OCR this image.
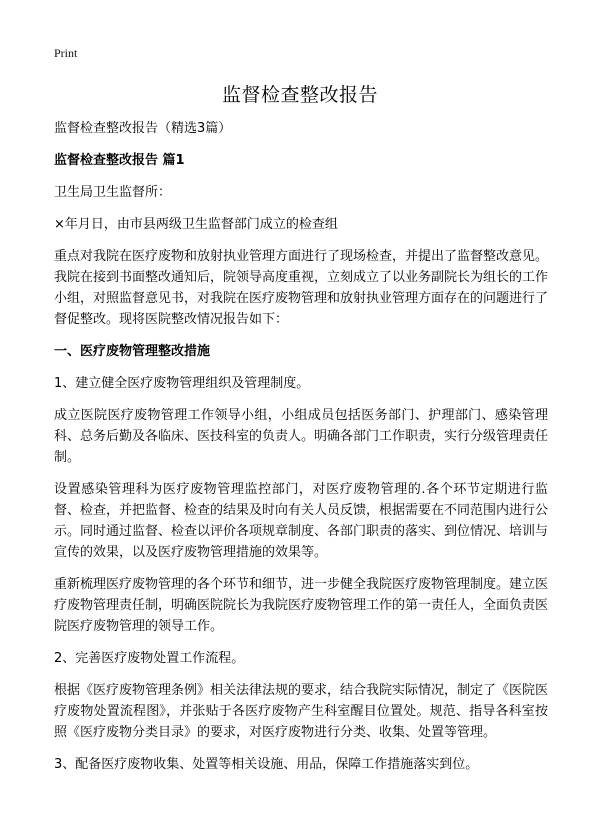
Print
监督检查整改报告

监督检查整改报告（精选3篇）

监督检查整改报告 篇1

卫生局卫生监督所：

×年月日，由市县两级卫生监督部门成立的检查组

重点对我院在医疗废物和放射执业管理方面进行了现场检查，并提出了监督整改意见。我院在接到书面整改通知后，院领导高度重视，立刻成立了以业务副院长为组长的工作小组，对照监督意见书，对我院在医疗废物管理和放射执业管理方面存在的问题进行了督促整改。现将医院整改情况报告如下：

一、医疗废物管理整改措施

1、建立健全医疗废物管理组织及管理制度。

成立医院医疗废物管理工作领导小组，小组成员包括医务部门、护理部门、感染管理科、总务后勤及各临床、医技科室的负责人。明确各部门工作职责，实行分级管理责任制。

设置感染管理科为医疗废物管理监控部门，对医疗废物管理的.各个环节定期进行监督、检查，并把监督、检查的结果及时向有关人员反馈，根据需要在不同范围内进行公示。同时通过监督、检查以评价各项规章制度、各部门职责的落实、到位情况、培训与宣传的效果，以及医疗废物管理措施的效果等。

重新梳理医疗废物管理的各个环节和细节，进一步健全我院医疗废物管理制度。建立医疗废物管理责任制，明确医院院长为我院医疗废物管理工作的第一责任人，全面负责医院医疗废物管理的领导工作。

2、完善医疗废物处置工作流程。

根据《医疗废物管理条例》相关法律法规的要求，结合我院实际情况，制定了《医院医疗废物处置流程图》，并张贴于各医疗废物产生科室醒目位置处。规范、指导各科室按照《医疗废物分类目录》的要求，对医疗废物进行分类、收集、处置等管理。

3、配备医疗废物收集、处置等相关设施、用品，保障工作措施落实到位。
